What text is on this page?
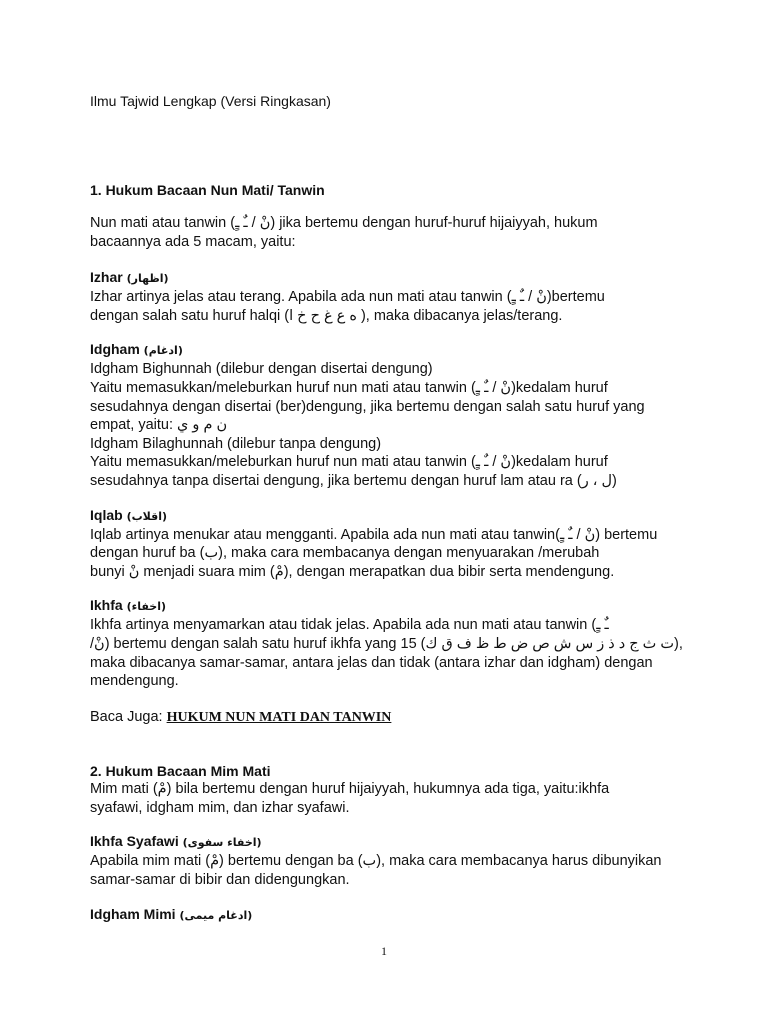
Ilmu Tajwid Lengkap (Versi Ringkasan)

1. Hukum Bacaan Nun Mati/ Tanwin

Nun mati atau tanwin (نْ / ـٌ ـٍ) jika bertemu dengan huruf-huruf hijaiyyah, hukum

bacaannya ada 5 macam, yaitu:

Izhar (اظهار)

Izhar artinya jelas atau terang. Apabila ada nun mati atau tanwin (نْ / ـٌ ـٍ)bertemu

dengan salah satu huruf halqi (ه ع غ ح خ ا ), maka dibacanya jelas/terang.

Idgham (ادغام)

Idgham Bighunnah (dilebur dengan disertai dengung)

Yaitu memasukkan/meleburkan huruf nun mati atau tanwin (نْ / ـٌ ـٍ)kedalam huruf

sesudahnya dengan disertai (ber)dengung, jika bertemu dengan salah satu huruf yang

empat, yaitu: ن م و ي

Idgham Bilaghunnah (dilebur tanpa dengung)

Yaitu memasukkan/meleburkan huruf nun mati atau tanwin (نْ / ـٌ ـٍ)kedalam huruf

sesudahnya tanpa disertai dengung, jika bertemu dengan huruf lam atau ra (ل ، ر)

Iqlab (اقلاب)

Iqlab artinya menukar atau mengganti. Apabila ada nun mati atau tanwin(نْ / ـٌ ـٍ) bertemu

dengan huruf ba (ب), maka cara membacanya dengan menyuarakan /merubah

bunyi نْ menjadi suara mim (مْ), dengan merapatkan dua bibir serta mendengung.

Ikhfa (اخفاء)

Ikhfa artinya menyamarkan atau tidak jelas. Apabila ada nun mati atau tanwin (ـٌ ـٍ

/نْ) bertemu dengan salah satu huruf ikhfa yang 15 (ت ث ج د ذ ز س ش ص ض ط ظ ف ق ك),

maka dibacanya samar-samar, antara jelas dan tidak (antara izhar dan idgham) dengan

mendengung.

Baca Juga: HUKUM NUN MATI DAN TANWIN

2. Hukum Bacaan Mim Mati

Mim mati (مْ) bila bertemu dengan huruf hijaiyyah, hukumnya ada tiga, yaitu:ikhfa

syafawi, idgham mim, dan izhar syafawi.

Ikhfa Syafawi (اخفاء سفوى)

Apabila mim mati (مْ) bertemu dengan ba (ب), maka cara membacanya harus dibunyikan

samar-samar di bibir dan didengungkan.

Idgham Mimi (ادغام ميمى)

1
